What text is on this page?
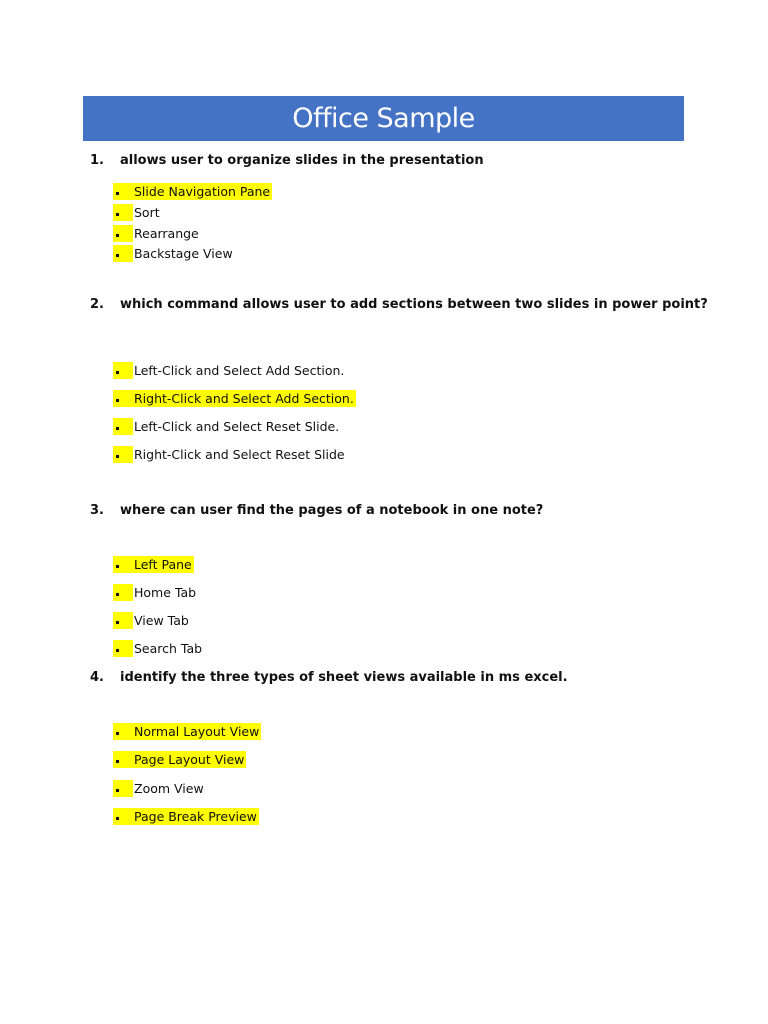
Office Sample
1. allows user to organize slides in the presentation
Slide Navigation Pane
Sort
Rearrange
Backstage View
2. which command allows user to add sections between two slides in power point?
Left-Click and Select Add Section.
Right-Click and Select Add Section.
Left-Click and Select Reset Slide.
Right-Click and Select Reset Slide
3. where can user find the pages of a notebook in one note?
Left Pane
Home Tab
View Tab
Search Tab
4. identify the three types of sheet views available in ms excel.
Normal Layout View
Page Layout View
Zoom View
Page Break Preview
